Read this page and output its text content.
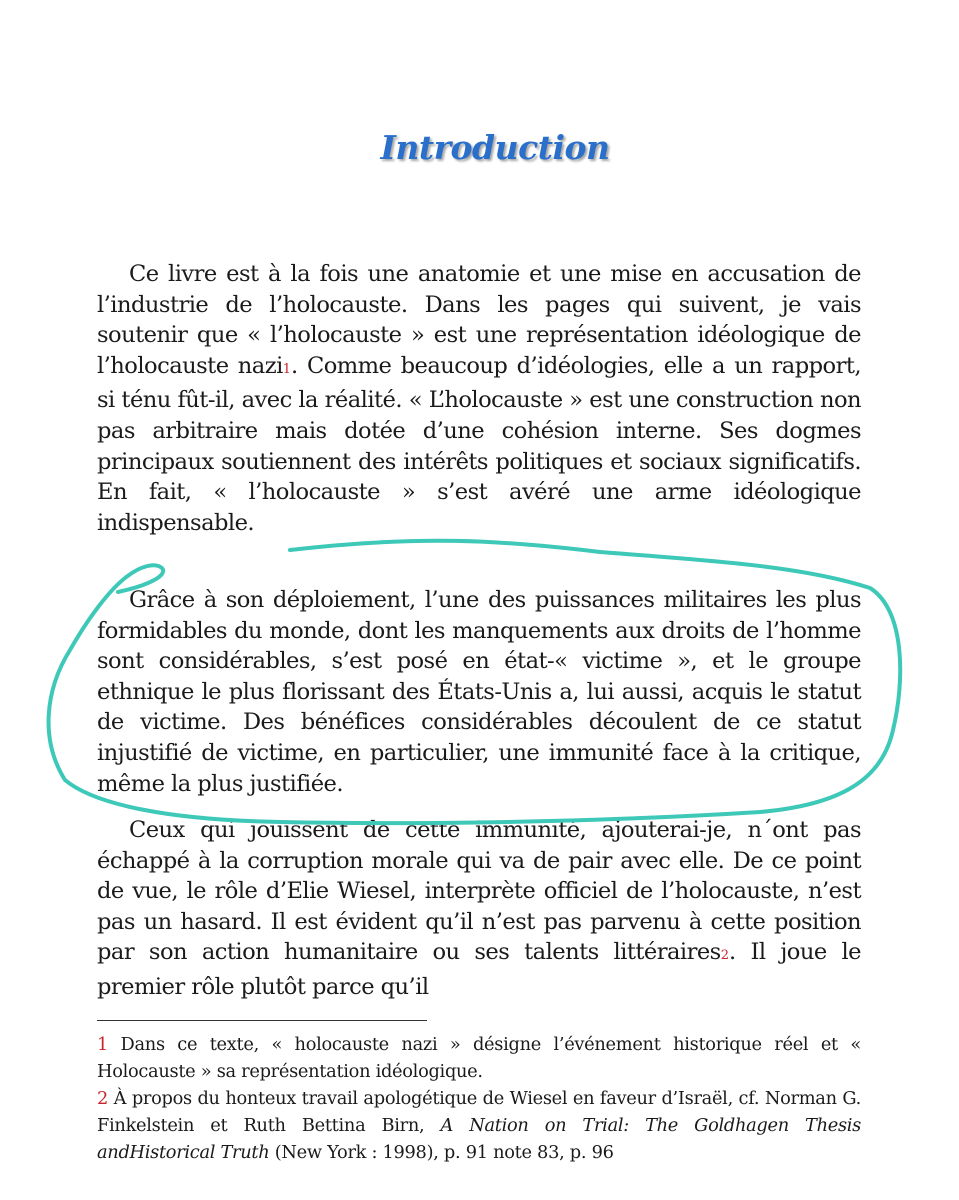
Introduction

Ce livre est à la fois une anatomie et une mise en accusation de l’industrie de l’holocauste. Dans les pages qui suivent, je vais soutenir que « l’holocauste » est une représentation idéologique de l’holocauste nazi1. Comme beaucoup d’idéologies, elle a un rapport, si ténu fût-il, avec la réalité. « L’holocauste » est une construction non pas arbitraire mais dotée d’une cohésion interne. Ses dogmes principaux soutiennent des intérêts politiques et sociaux significatifs. En fait, « l’holocauste » s’est avéré une arme idéologique indispensable.

Grâce à son déploiement, l’une des puissances militaires les plus formidables du monde, dont les manquements aux droits de l’homme sont considérables, s’est posé en état-« victime », et le groupe ethnique le plus florissant des États-Unis a, lui aussi, acquis le statut de victime. Des bénéfices considérables découlent de ce statut injustifié de victime, en particulier, une immunité face à la critique, même la plus justifiée.

Ceux qui jouissent de cette immunité, ajouterai-je, n´ont pas échappé à la corruption morale qui va de pair avec elle. De ce point de vue, le rôle d’Elie Wiesel, interprète officiel de l’holocauste, n’est pas un hasard. Il est évident qu’il n’est pas parvenu à cette position par son action humanitaire ou ses talents littéraires2. Il joue le premier rôle plutôt parce qu’il

1 Dans ce texte, « holocauste nazi » désigne l’événement historique réel et « Holocauste » sa représentation idéologique.

2 À propos du honteux travail apologétique de Wiesel en faveur d’Israël, cf. Norman G. Finkelstein et Ruth Bettina Birn, A Nation on Trial: The Goldhagen Thesis andHistorical Truth (New York : 1998), p. 91 note 83, p. 96
